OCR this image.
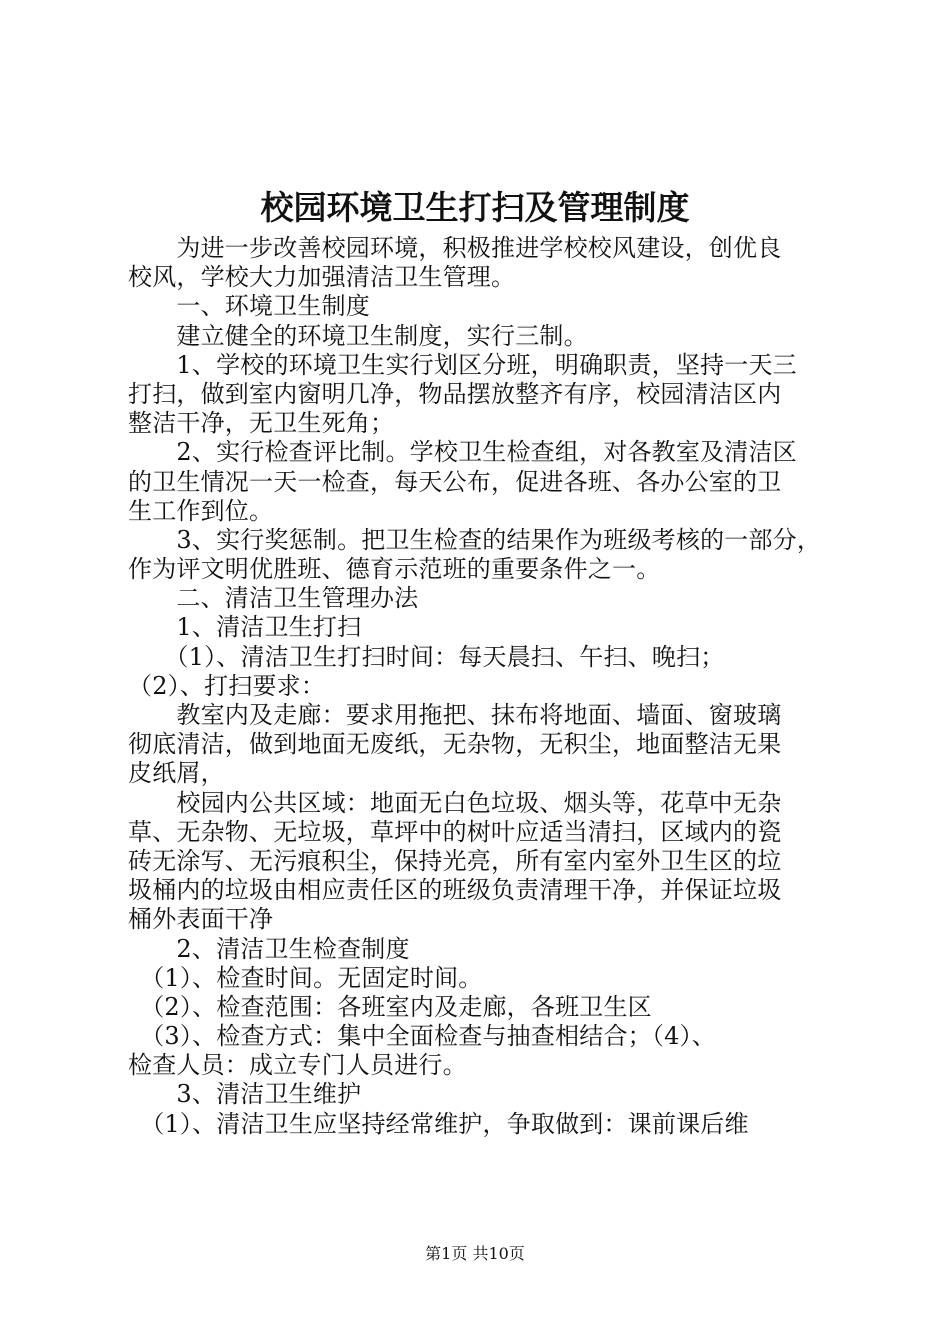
校园环境卫生打扫及管理制度
　　为进一步改善校园环境，积极推进学校校风建设，创优良
校风，学校大力加强清洁卫生管理。
　　一、环境卫生制度
　　建立健全的环境卫生制度，实行三制。
　　1、学校的环境卫生实行划区分班，明确职责，坚持一天三
打扫，做到室内窗明几净，物品摆放整齐有序，校园清洁区内
整洁干净，无卫生死角；
　　2、实行检查评比制。学校卫生检查组，对各教室及清洁区
的卫生情况一天一检查，每天公布，促进各班、各办公室的卫
生工作到位。
　　3、实行奖惩制。把卫生检查的结果作为班级考核的一部分，
作为评文明优胜班、德育示范班的重要条件之一。
　　二、清洁卫生管理办法
　　1、清洁卫生打扫
　　（1）、清洁卫生打扫时间：每天晨扫、午扫、晚扫；
（2）、打扫要求：
　　教室内及走廊：要求用拖把、抹布将地面、墙面、窗玻璃
彻底清洁，做到地面无废纸，无杂物，无积尘，地面整洁无果
皮纸屑，
　　校园内公共区域：地面无白色垃圾、烟头等，花草中无杂
草、无杂物、无垃圾，草坪中的树叶应适当清扫，区域内的瓷
砖无涂写、无污痕积尘，保持光亮，所有室内室外卫生区的垃
圾桶内的垃圾由相应责任区的班级负责清理干净，并保证垃圾
桶外表面干净
　　2、清洁卫生检查制度
　（1）、检查时间。无固定时间。
　（2）、检查范围：各班室内及走廊，各班卫生区
　（3）、检查方式：集中全面检查与抽查相结合；（4）、
检查人员：成立专门人员进行。
　　3、清洁卫生维护
　（1）、清洁卫生应坚持经常维护，争取做到：课前课后维
第1页 共10页
